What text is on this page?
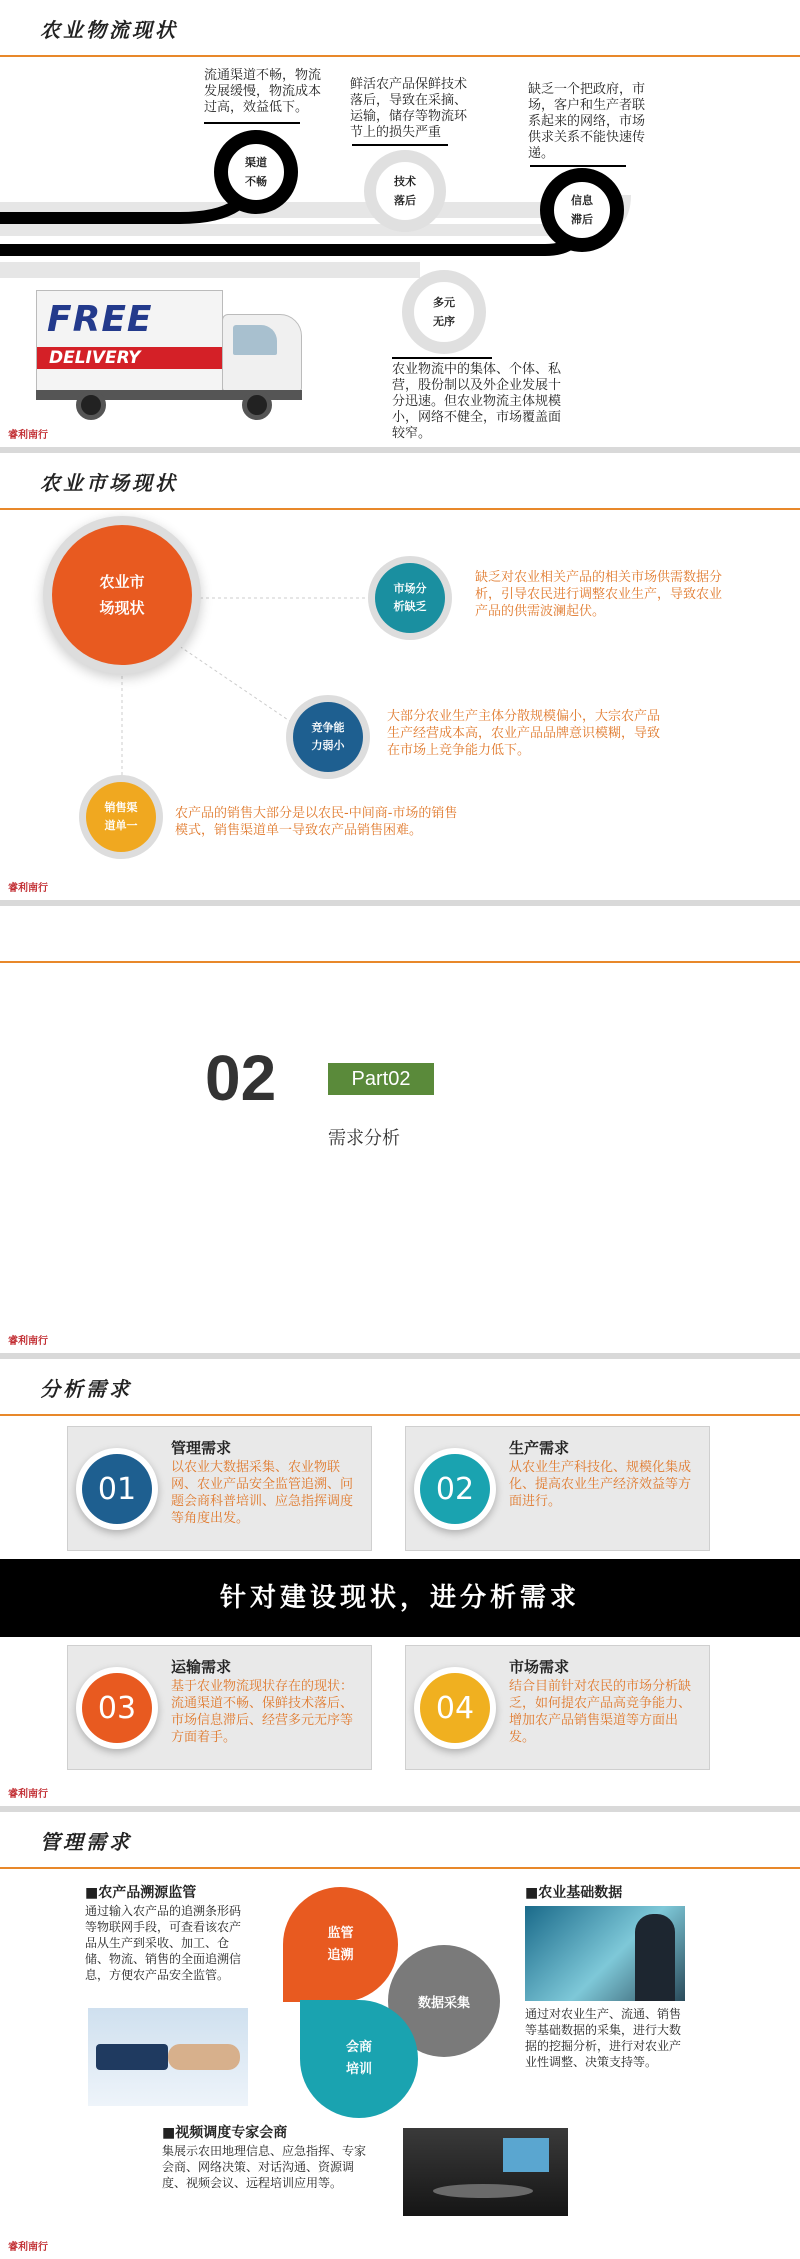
农业物流现状
渠道
不畅	技术
落后	信息
滞后
多元
无序
流通渠道不畅，物流发展缓慢，物流成本过高，效益低下。
鲜活农产品保鲜技术落后，导致在采摘、运输，储存等物流环节上的损失严重
缺乏一个把政府，市场，客户和生产者联系起来的网络，市场供求关系不能快速传递。
农业物流中的集体、个体、私营，股份制以及外企业发展十分迅速。但农业物流主体规模小，网络不健全，市场覆盖面较窄。
FREE
DELIVERY
睿利南行
农业市场现状
农业市
场现状
市场分
析缺乏
缺乏对农业相关产品的相关市场供需数据分析，引导农民进行调整农业生产，导致农业产品的供需波澜起伏。
竞争能
力弱小
大部分农业生产主体分散规模偏小，大宗农产品生产经营成本高，农业产品品牌意识模糊，导致在市场上竞争能力低下。
销售渠
道单一
农产品的销售大部分是以农民-中间商-市场的销售模式，销售渠道单一导致农产品销售困难。
睿利南行
02	Part02
需求分析
睿利南行
分析需求
01
管理需求
以农业大数据采集、农业物联网、农业产品安全监管追溯、问题会商科普培训、应急指挥调度等角度出发。
02
生产需求
从农业生产科技化、规模化集成化、提高农业生产经济效益等方面进行。
针对建设现状，进分析需求
03
运输需求
基于农业物流现状存在的现状：流通渠道不畅、保鲜技术落后、市场信息滞后、经营多元无序等方面着手。
04
市场需求
结合目前针对农民的市场分析缺乏，如何提农产品高竞争能力、增加农产品销售渠道等方面出发。
睿利南行
管理需求
■农产品溯源监管
通过输入农产品的追溯条形码等物联网手段，可查看该农产品从生产到采收、加工、仓储、物流、销售的全面追溯信息，方便农产品安全监管。
■农业基础数据
通过对农业生产、流通、销售等基础数据的采集，进行大数据的挖掘分析，进行对农业产业性调整、决策支持等。
监管
追溯
数据采集
会商
培训
■视频调度专家会商
集展示农田地理信息、应急指挥、专家会商、网络决策、对话沟通、资源调度、视频会议、远程培训应用等。
睿利南行
